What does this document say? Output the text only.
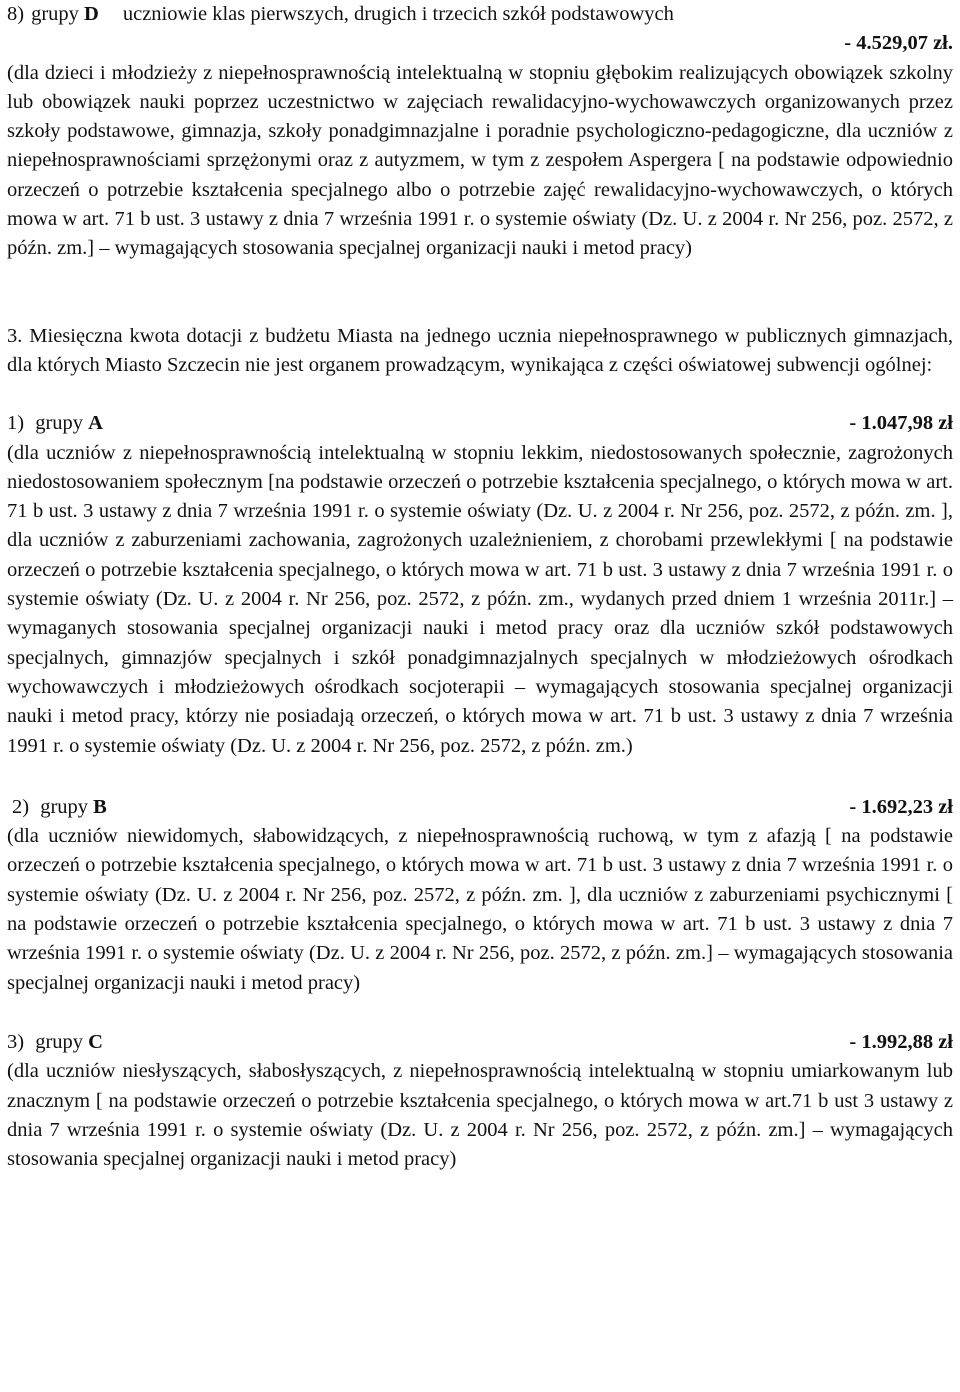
8) grupy D uczniowie klas pierwszych, drugich i trzecich szkół podstawowych
- 4.529,07 zł.

(dla dzieci i młodzieży z niepełnosprawnością intelektualną w stopniu głębokim realizujących obowiązek szkolny lub obowiązek nauki poprzez uczestnictwo w zajęciach rewalidacyjno-wychowawczych organizowanych przez szkoły podstawowe, gimnazja, szkoły ponadgimnazjalne i poradnie psychologiczno-pedagogiczne, dla uczniów z niepełnosprawnościami sprzężonymi oraz z autyzmem, w tym z zespołem Aspergera [ na podstawie odpowiednio orzeczeń o potrzebie kształcenia specjalnego albo o potrzebie zajęć rewalidacyjno-wychowawczych, o których mowa w art. 71 b ust. 3 ustawy z dnia 7 września 1991 r. o systemie oświaty (Dz. U. z 2004 r. Nr 256, poz. 2572, z późn. zm.] – wymagających stosowania specjalnej organizacji nauki i metod pracy)

3. Miesięczna kwota dotacji z budżetu Miasta na jednego ucznia niepełnosprawnego w publicznych gimnazjach, dla których Miasto Szczecin nie jest organem prowadzącym, wynikająca z części oświatowej subwencji ogólnej:

1) grupy A	- 1.047,98 zł

(dla uczniów z niepełnosprawnością intelektualną w stopniu lekkim, niedostosowanych społecznie, zagrożonych niedostosowaniem społecznym [na podstawie orzeczeń o potrzebie kształcenia specjalnego, o których mowa w art. 71 b ust. 3 ustawy z dnia 7 września 1991 r. o systemie oświaty (Dz. U. z 2004 r. Nr 256, poz. 2572, z późn. zm. ], dla uczniów z zaburzeniami zachowania, zagrożonych uzależnieniem, z chorobami przewlekłymi [ na podstawie orzeczeń o potrzebie kształcenia specjalnego, o których mowa w art. 71 b ust. 3 ustawy z dnia 7 września 1991 r. o systemie oświaty (Dz. U. z 2004 r. Nr 256, poz. 2572, z późn. zm., wydanych przed dniem 1 września 2011r.] – wymaganych stosowania specjalnej organizacji nauki i metod pracy oraz dla uczniów szkół podstawowych specjalnych, gimnazjów specjalnych i szkół ponadgimnazjalnych specjalnych w młodzieżowych ośrodkach wychowawczych i młodzieżowych ośrodkach socjoterapii – wymagających stosowania specjalnej organizacji nauki i metod pracy, którzy nie posiadają orzeczeń, o których mowa w art. 71 b ust. 3 ustawy z dnia 7 września 1991 r. o systemie oświaty (Dz. U. z 2004 r. Nr 256, poz. 2572, z późn. zm.)

2) grupy B	- 1.692,23 zł

(dla uczniów niewidomych, słabowidzących, z niepełnosprawnością ruchową, w tym z afazją [ na podstawie orzeczeń o potrzebie kształcenia specjalnego, o których mowa w art. 71 b ust. 3 ustawy z dnia 7 września 1991 r. o systemie oświaty (Dz. U. z 2004 r. Nr 256, poz. 2572, z późn. zm. ], dla uczniów z zaburzeniami psychicznymi [ na podstawie orzeczeń o potrzebie kształcenia specjalnego, o których mowa w art. 71 b ust. 3 ustawy z dnia 7 września 1991 r. o systemie oświaty (Dz. U. z 2004 r. Nr 256, poz. 2572, z późn. zm.] – wymagających stosowania specjalnej organizacji nauki i metod pracy)

3) grupy C	- 1.992,88 zł

(dla uczniów niesłyszących, słabosłyszących, z niepełnosprawnością intelektualną w stopniu umiarkowanym lub znacznym [ na podstawie orzeczeń o potrzebie kształcenia specjalnego, o których mowa w art.71 b ust 3 ustawy z dnia 7 września 1991 r. o systemie oświaty (Dz. U. z 2004 r. Nr 256, poz. 2572, z późn. zm.] – wymagających stosowania specjalnej organizacji nauki i metod pracy)
